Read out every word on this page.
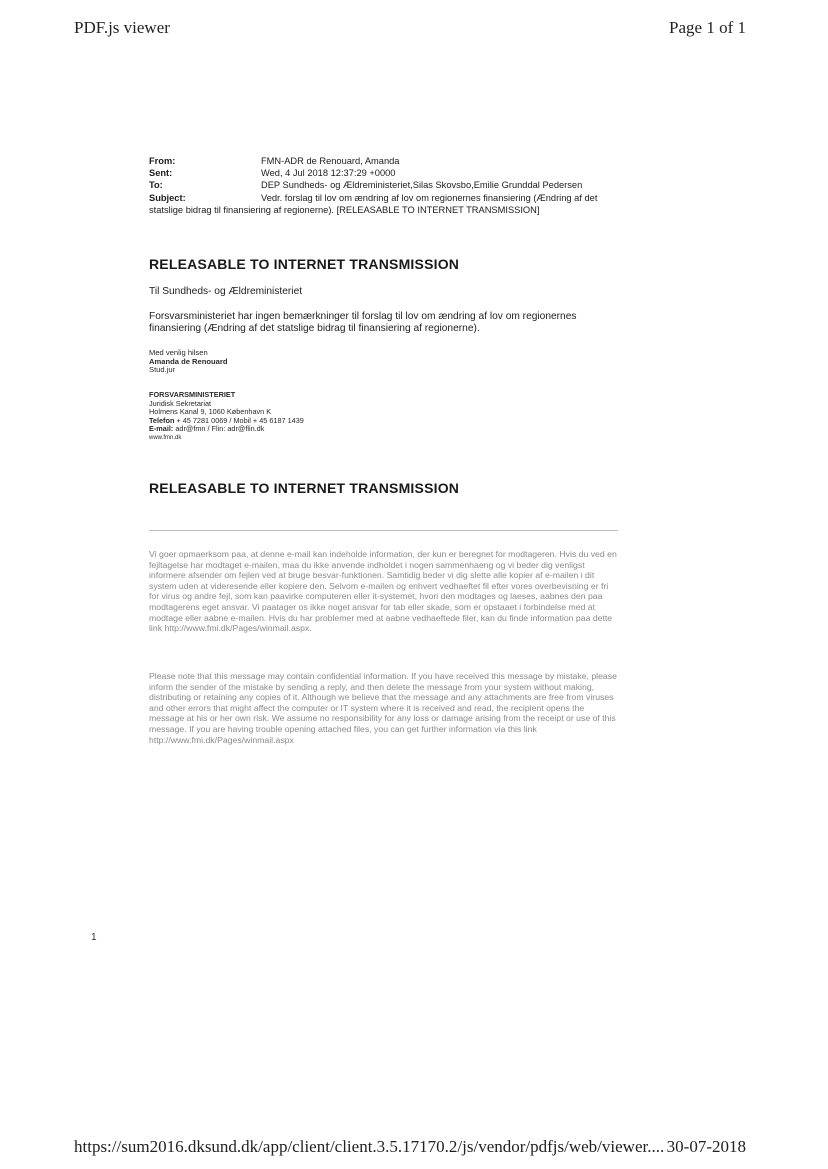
PDF.js viewer	Page 1 of 1
From:	FMN-ADR de Renouard, Amanda
Sent:	Wed, 4 Jul 2018 12:37:29 +0000
To:	DEP Sundheds- og Ældreministeriet,Silas Skovsbo,Emilie Grunddal Pedersen
Subject:	Vedr. forslag til lov om ændring af lov om regionernes finansiering (Ændring af det statslige bidrag til finansiering af regionerne). [RELEASABLE TO INTERNET TRANSMISSION]
RELEASABLE TO INTERNET TRANSMISSION
Til Sundheds- og Ældreministeriet
Forsvarsministeriet har ingen bemærkninger til forslag til lov om ændring af lov om regionernes finansiering (Ændring af det statslige bidrag til finansiering af regionerne).
Med venlig hilsen
Amanda de Renouard
Stud.jur
FORSVARSMINISTERIET
Juridisk Sekretariat
Holmens Kanal 9, 1060 København K
Telefon + 45 7281 0069 / Mobil + 45 6187 1439
E-mail: adr@fmn / Flin: adr@flin.dk
www.fmn.dk
RELEASABLE TO INTERNET TRANSMISSION
Vi goer opmaerksom paa, at denne e-mail kan indeholde information, der kun er beregnet for modtageren. Hvis du ved en fejltagelse har modtaget e-mailen, maa du ikke anvende indholdet i nogen sammenhaeng og vi beder dig venligst informere afsender om fejlen ved at bruge besvar-funktionen. Samtidig beder vi dig slette alle kopier af e-mailen i dit system uden at videresende eller kopiere den. Selvom e-mailen og enhvert vedhaeftet fil efter vores overbevisning er fri for virus og andre fejl, som kan paavirke computeren eller it-systemet, hvori den modtages og laeses, aabnes den paa modtagerens eget ansvar. Vi paatager os ikke noget ansvar for tab eller skade, som er opstaaet i forbindelse med at modtage eller aabne e-mailen. Hvis du har problemer med at aabne vedhaeftede filer, kan du finde information paa dette link http://www.fmi.dk/Pages/winmail.aspx.
Please note that this message may contain confidential information. If you have received this message by mistake, please inform the sender of the mistake by sending a reply, and then delete the message from your system without making, distributing or retaining any copies of it. Although we believe that the message and any attachments are free from viruses and other errors that might affect the computer or IT system where it is received and read, the recipient opens the message at his or her own risk. We assume no responsibility for any loss or damage arising from the receipt or use of this message. If you are having trouble opening attached files, you can get further information via this link http://www.fmi.dk/Pages/winmail.aspx
1
https://sum2016.dksund.dk/app/client/client.3.5.17170.2/js/vendor/pdfjs/web/viewer.... 30-07-2018
